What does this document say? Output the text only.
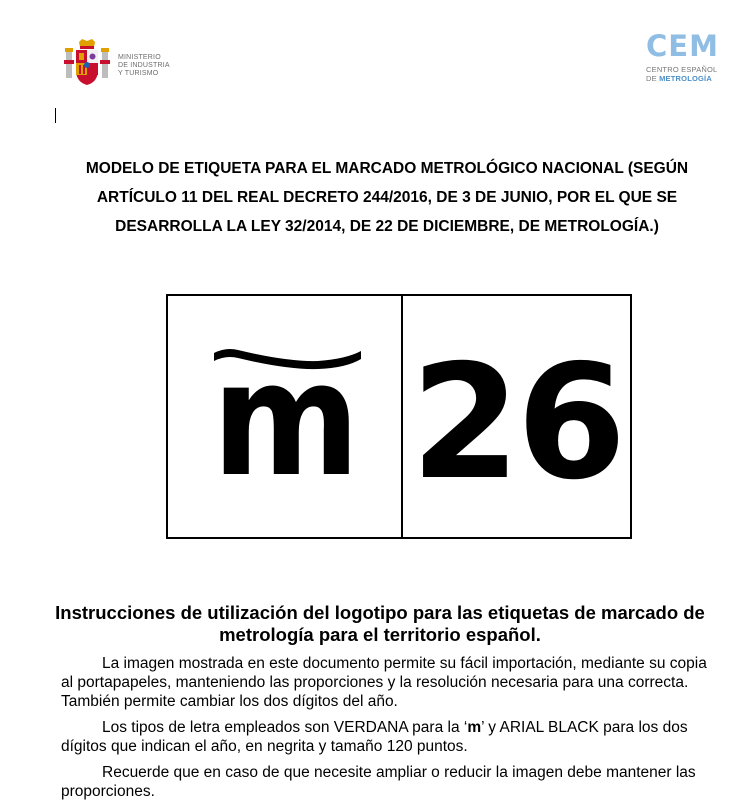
MINISTERIO
DE INDUSTRIA
Y TURISMO
CEM
CENTRO ESPAÑOL
DE METROLOGÍA
MODELO DE ETIQUETA PARA EL MARCADO METROLÓGICO NACIONAL (SEGÚN ARTÍCULO 11 DEL REAL DECRETO 244/2016, DE 3 DE JUNIO, POR EL QUE SE DESARROLLA LA LEY 32/2014, DE 22 DE DICIEMBRE, DE METROLOGÍA.)
m 26
Instrucciones de utilización del logotipo para las etiquetas de marcado de metrología para el territorio español.
La imagen mostrada en este documento permite su fácil importación, mediante su copia al portapapeles, manteniendo las proporciones y la resolución necesaria para una correcta. También permite cambiar los dos dígitos del año.
Los tipos de letra empleados son VERDANA para la ‘m’ y ARIAL BLACK para los dos dígitos que indican el año, en negrita y tamaño 120 puntos.
Recuerde que en caso de que necesite ampliar o reducir la imagen debe mantener las proporciones.
